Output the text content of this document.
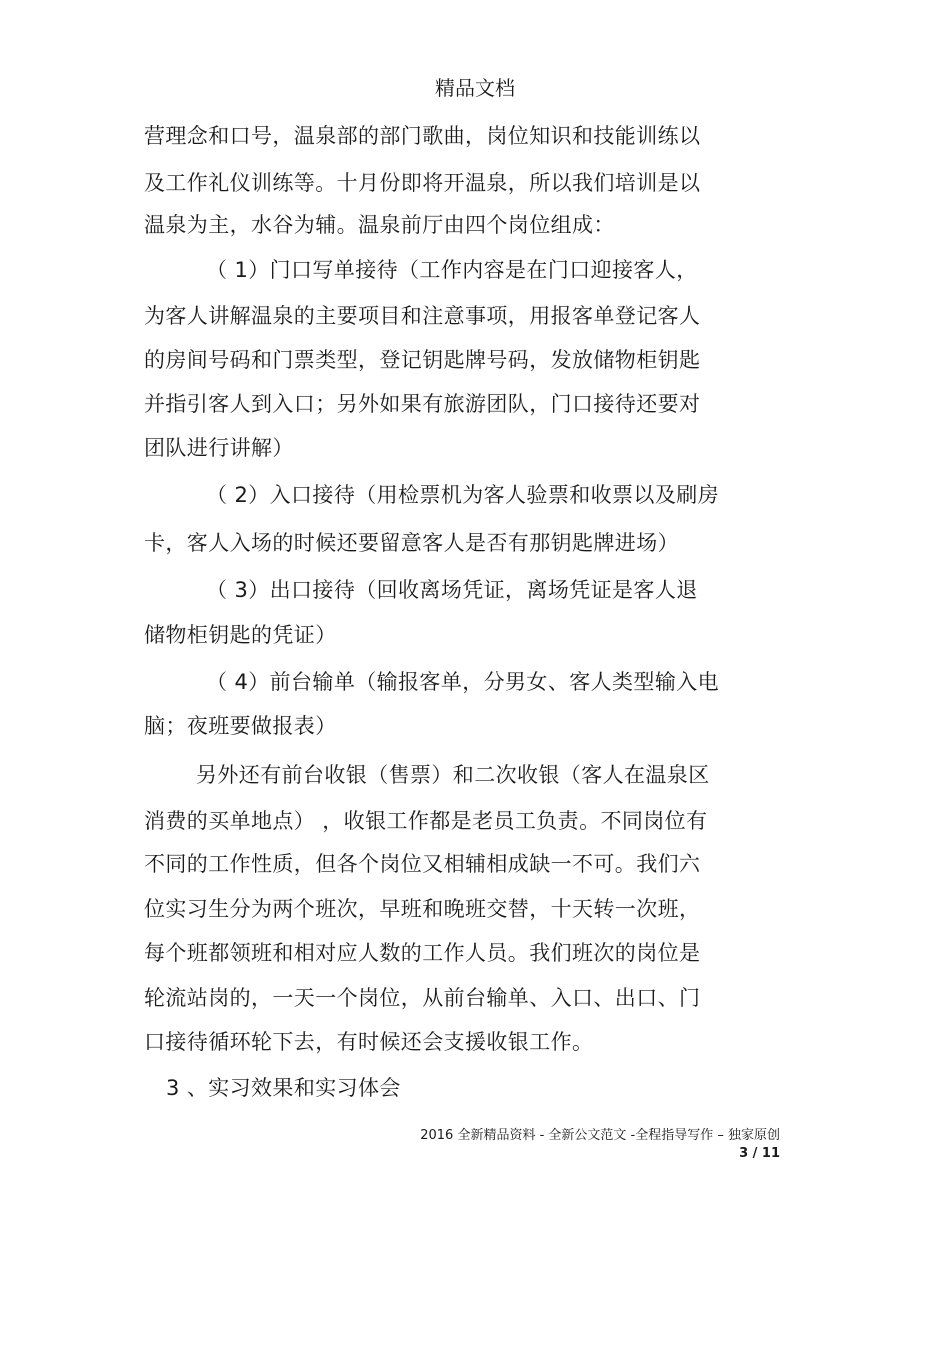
精品文档
营理念和口号，温泉部的部门歌曲，岗位知识和技能训练以
及工作礼仪训练等。十月份即将开温泉，所以我们培训是以
温泉为主，水谷为辅。温泉前厅由四个岗位组成：
（ 1）门口写单接待（工作内容是在门口迎接客人，
为客人讲解温泉的主要项目和注意事项，用报客单登记客人
的房间号码和门票类型，登记钥匙牌号码，发放储物柜钥匙
并指引客人到入口；另外如果有旅游团队，门口接待还要对
团队进行讲解）
（ 2）入口接待（用检票机为客人验票和收票以及刷房
卡，客人入场的时候还要留意客人是否有那钥匙牌进场）
（ 3）出口接待（回收离场凭证，离场凭证是客人退
储物柜钥匙的凭证）
（ 4）前台输单（输报客单，分男女、客人类型输入电
脑；夜班要做报表）
另外还有前台收银（售票）和二次收银（客人在温泉区
消费的买单地点） ，收银工作都是老员工负责。不同岗位有
不同的工作性质，但各个岗位又相辅相成缺一不可。我们六
位实习生分为两个班次，早班和晚班交替，十天转一次班，
每个班都领班和相对应人数的工作人员。我们班次的岗位是
轮流站岗的，一天一个岗位，从前台输单、入口、出口、门
口接待循环轮下去，有时候还会支援收银工作。
3 、实习效果和实习体会
2016 全新精品资料 - 全新公文范文 -全程指导写作 – 独家原创
3 / 11
